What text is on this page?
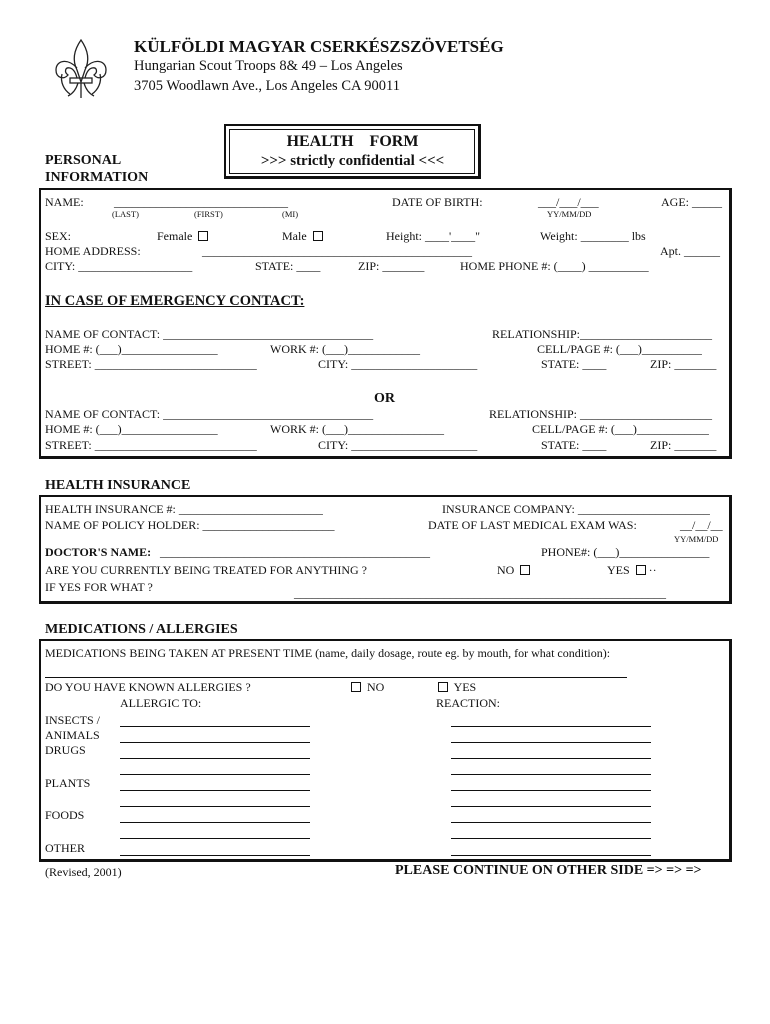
KÜLFÖLDI MAGYAR CSERKÉSZSZÖVETSÉG
Hungarian Scout Troops 8& 49 – Los Angeles
3705 Woodlawn Ave., Los Angeles CA 90011
HEALTH    FORM
>>> strictly confidential <<<
PERSONAL
INFORMATION
NAME:	_____________________________
(LAST)	(FIRST)	(MI)
DATE OF BIRTH:	___/___/___
YY/MM/DD
AGE: _____
SEX:	Female	Male	Height: ____'____"	Weight: ________ lbs
HOME ADDRESS:	_____________________________________________	Apt. ______
CITY: ___________________	STATE: ____	ZIP: _______	HOME PHONE #: (____) __________
IN CASE OF EMERGENCY CONTACT:
NAME OF CONTACT: ___________________________________	RELATIONSHIP:______________________
HOME #: (___)________________	WORK #: (___)____________	CELL/PAGE #: (___)__________
STREET: ___________________________	CITY: _____________________	STATE: ____	ZIP: _______
OR
NAME OF CONTACT: ___________________________________	RELATIONSHIP: ______________________
HOME #: (___)________________	WORK #: (___)________________	CELL/PAGE #: (___)____________
STREET: ___________________________	CITY: _____________________	STATE: ____	ZIP: _______
HEALTH INSURANCE
HEALTH INSURANCE #: ________________________	INSURANCE COMPANY: ______________________
NAME OF POLICY HOLDER: ______________________	DATE OF LAST MEDICAL EXAM WAS:	__/__/__
YY/MM/DD
DOCTOR'S NAME: _____________________________________________	PHONE#: (___)_______________
ARE YOU CURRENTLY BEING TREATED FOR ANYTHING ?	NO	YES ··
IF YES FOR WHAT ?	______________________________________________________________
MEDICATIONS / ALLERGIES
MEDICATIONS BEING TAKEN AT PRESENT TIME (name, daily dosage, route eg. by mouth, for what condition):
DO YOU HAVE KNOWN ALLERGIES ?	NO	YES
ALLERGIC TO:	REACTION:
INSECTS /
ANIMALS
DRUGS
PLANTS
FOODS
OTHER
(Revised, 2001)	PLEASE CONTINUE ON OTHER SIDE => => =>
